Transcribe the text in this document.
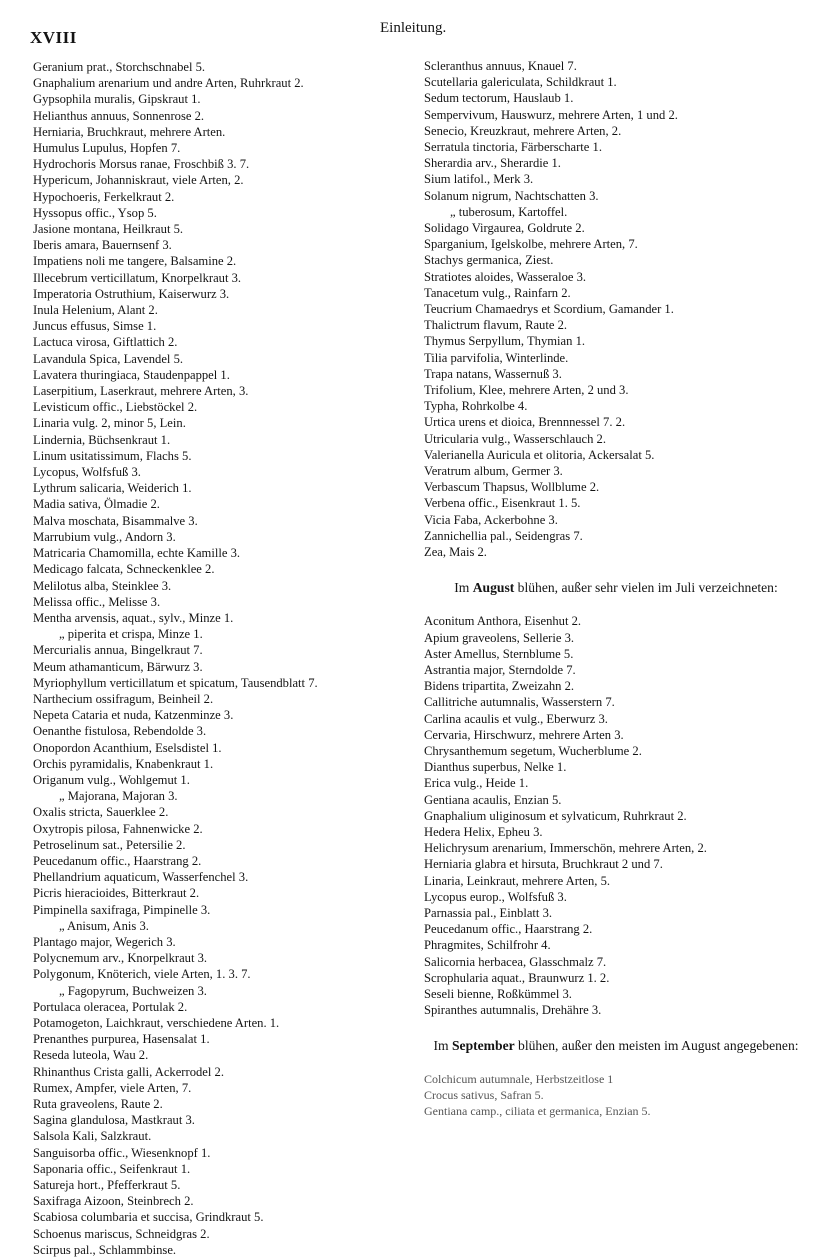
XVIII	Einleitung.
Geranium prat., Storchschnabel 5.
Gnaphalium arenarium und andre Arten, Ruhrkraut 2.
Gypsophila muralis, Gipskraut 1.
Helianthus annuus, Sonnenrose 2.
Herniaria, Bruchkraut, mehrere Arten.
Humulus Lupulus, Hopfen 7.
Hydrochoris Morsus ranae, Froschbiß 3. 7.
Hypericum, Johanniskraut, viele Arten, 2.
Hypochoeris, Ferkelkraut 2.
Hyssopus offic., Ysop 5.
Jasione montana, Heilkraut 5.
Iberis amara, Bauernsenf 3.
Impatiens noli me tangere, Balsamine 2.
Illecebrum verticillatum, Knorpelkraut 3.
Imperatoria Ostruthium, Kaiserwurz 3.
Inula Helenium, Alant 2.
Juncus effusus, Simse 1.
Lactuca virosa, Giftlattich 2.
Lavandula Spica, Lavendel 5.
Lavatera thuringiaca, Staudenpappel 1.
Laserpitium, Laserkraut, mehrere Arten, 3.
Levisticum offic., Liebstöckel 2.
Linaria vulg. 2, minor 5, Lein.
Lindernia, Büchsenkraut 1.
Linum usitatissimum, Flachs 5.
Lycopus, Wolfsfuß 3.
Lythrum salicaria, Weiderich 1.
Madia sativa, Ölmadie 2.
Malva moschata, Bisammalve 3.
Marrubium vulg., Andorn 3.
Matricaria Chamomilla, echte Kamille 3.
Medicago falcata, Schneckenklee 2.
Melilotus alba, Steinklee 3.
Melissa offic., Melisse 3.
Mentha arvensis, aquat., sylv., Minze 1.
„ piperita et crispa, Minze 1.
Mercurialis annua, Bingelkraut 7.
Meum athamanticum, Bärwurz 3.
Myriophyllum verticillatum et spicatum, Tausendblatt 7.
Narthecium ossifragum, Beinheil 2.
Nepeta Cataria et nuda, Katzenminze 3.
Oenanthe fistulosa, Rebendolde 3.
Onopordon Acanthium, Eselsdistel 1.
Orchis pyramidalis, Knabenkraut 1.
Origanum vulg., Wohlgemut 1.
„ Majorana, Majoran 3.
Oxalis stricta, Sauerklee 2.
Oxytropis pilosa, Fahnenwicke 2.
Petroselinum sat., Petersilie 2.
Peucedanum offic., Haarstrang 2.
Phellandrium aquaticum, Wasserfenchel 3.
Picris hieracioides, Bitterkraut 2.
Pimpinella saxifraga, Pimpinelle 3.
„ Anisum, Anis 3.
Plantago major, Wegerich 3.
Polycnemum arv., Knorpelkraut 3.
Polygonum, Knöterich, viele Arten, 1. 3. 7.
„ Fagopyrum, Buchweizen 3.
Portulaca oleracea, Portulak 2.
Potamogeton, Laichkraut, verschiedene Arten. 1.
Prenanthes purpurea, Hasensalat 1.
Reseda luteola, Wau 2.
Rhinanthus Crista galli, Ackerrodel 2.
Rumex, Ampfer, viele Arten, 7.
Ruta graveolens, Raute 2.
Sagina glandulosa, Mastkraut 3.
Salsola Kali, Salzkraut.
Sanguisorba offic., Wiesenknopf 1.
Saponaria offic., Seifenkraut 1.
Satureja hort., Pfefferkraut 5.
Saxifraga Aizoon, Steinbrech 2.
Scabiosa columbaria et succisa, Grindkraut 5.
Schoenus mariscus, Schneidgras 2.
Scirpus pal., Schlammbinse.
Scleranthus annuus, Knauel 7.
Scutellaria galericulata, Schildkraut 1.
Sedum tectorum, Hauslaub 1.
Sempervivum, Hauswurz, mehrere Arten, 1 und 2.
Senecio, Kreuzkraut, mehrere Arten, 2.
Serratula tinctoria, Färberscharte 1.
Sherardia arv., Sherardie 1.
Sium latifol., Merk 3.
Solanum nigrum, Nachtschatten 3.
„ tuberosum, Kartoffel.
Solidago Virgaurea, Goldrute 2.
Sparganium, Igelskolbe, mehrere Arten, 7.
Stachys germanica, Ziest.
Stratiotes aloides, Wasseraloe 3.
Tanacetum vulg., Rainfarn 2.
Teucrium Chamaedrys et Scordium, Gamander 1.
Thalictrum flavum, Raute 2.
Thymus Serpyllum, Thymian 1.
Tilia parvifolia, Winterlinde.
Trapa natans, Wassernuß 3.
Trifolium, Klee, mehrere Arten, 2 und 3.
Typha, Rohrkolbe 4.
Urtica urens et dioica, Brennnessel 7. 2.
Utricularia vulg., Wasserschlauch 2.
Valerianella Auricula et olitoria, Ackersalat 5.
Veratrum album, Germer 3.
Verbascum Thapsus, Wollblume 2.
Verbena offic., Eisenkraut 1. 5.
Vicia Faba, Ackerbohne 3.
Zannichellia pal., Seidengras 7.
Zea, Mais 2.
Im August blühen, außer sehr vielen im Juli verzeichneten:
Aconitum Anthora, Eisenhut 2.
Apium graveolens, Sellerie 3.
Aster Amellus, Sternblume 5.
Astrantia major, Sterndolde 7.
Bidens tripartita, Zweizahn 2.
Callitriche autumnalis, Wasserstern 7.
Carlina acaulis et vulg., Eberwurz 3.
Cervaria, Hirschwurz, mehrere Arten 3.
Chrysanthemum segetum, Wucherblume 2.
Dianthus superbus, Nelke 1.
Erica vulg., Heide 1.
Gentiana acaulis, Enzian 5.
Gnaphalium uliginosum et sylvaticum, Ruhrkraut 2.
Hedera Helix, Epheu 3.
Helichrysum arenarium, Immerschön, mehrere Arten, 2.
Herniaria glabra et hirsuta, Bruchkraut 2 und 7.
Linaria, Leinkraut, mehrere Arten, 5.
Lycopus europ., Wolfsfuß 3.
Parnassia pal., Einblatt 3.
Peucedanum offic., Haarstrang 2.
Phragmites, Schilfrohr 4.
Salicornia herbacea, Glasschmalz 7.
Scrophularia aquat., Braunwurz 1. 2.
Seseli bienne, Roßkümmel 3.
Spiranthes autumnalis, Drehähre 3.
Im September blühen, außer den meisten im August angegebenen:
Colchicum autumnale, Herbstzeitlose 1
Crocus sativus, Safran 5.
Gentiana camp., ciliata et germanica, Enzian 5.
